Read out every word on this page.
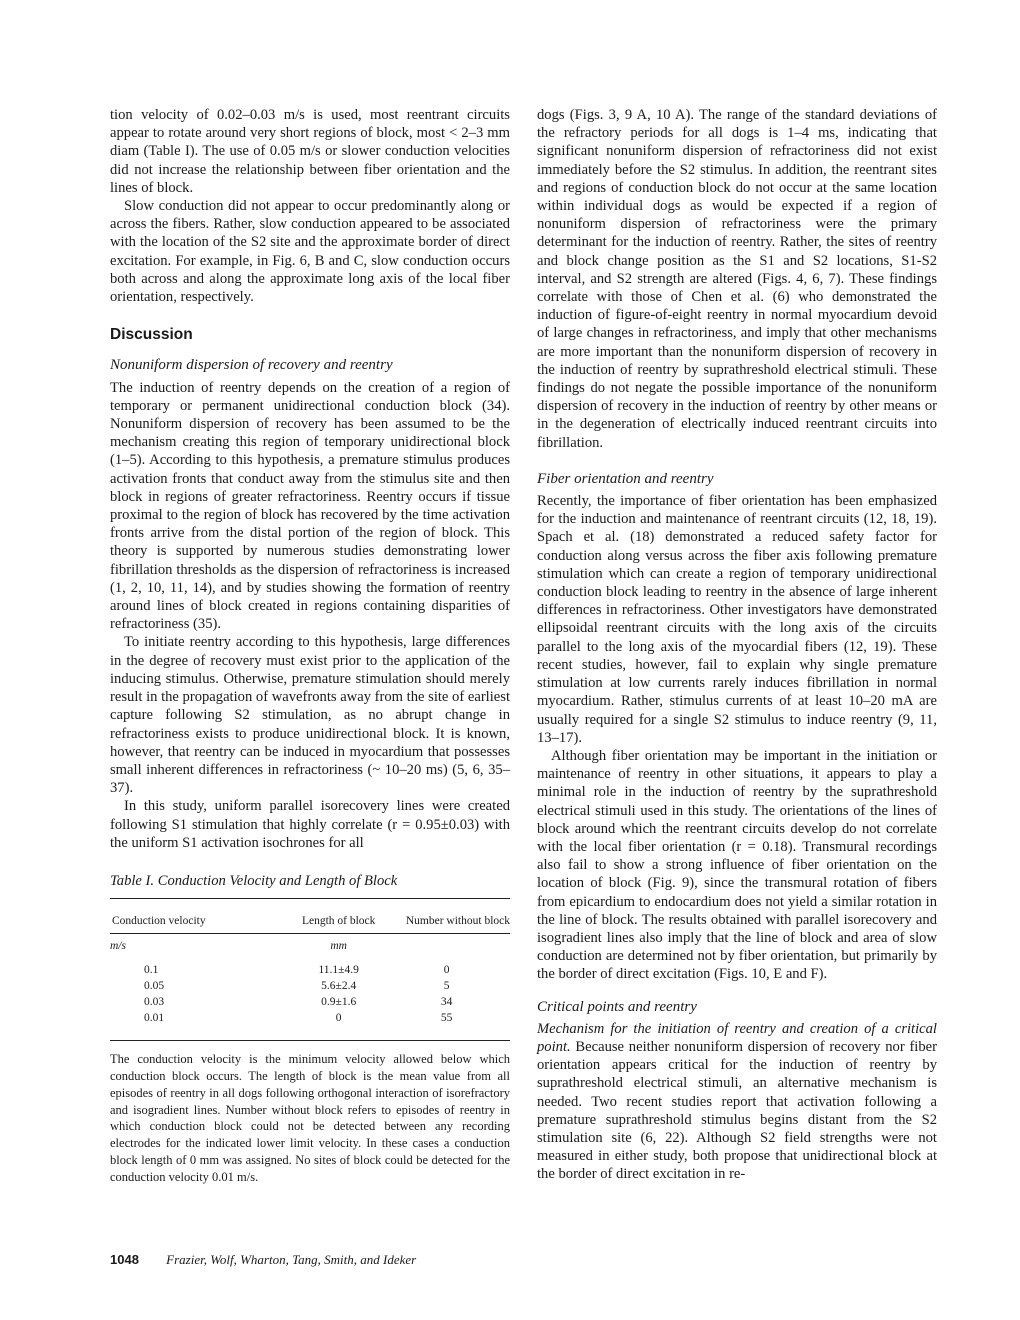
tion velocity of 0.02–0.03 m/s is used, most reentrant circuits appear to rotate around very short regions of block, most < 2–3 mm diam (Table I). The use of 0.05 m/s or slower conduction velocities did not increase the relationship between fiber orientation and the lines of block.

Slow conduction did not appear to occur predominantly along or across the fibers. Rather, slow conduction appeared to be associated with the location of the S2 site and the approximate border of direct excitation. For example, in Fig. 6, B and C, slow conduction occurs both across and along the approximate long axis of the local fiber orientation, respectively.

Discussion
Nonuniform dispersion of recovery and reentry

The induction of reentry depends on the creation of a region of temporary or permanent unidirectional conduction block (34). Nonuniform dispersion of recovery has been assumed to be the mechanism creating this region of temporary unidirectional block (1–5). According to this hypothesis, a premature stimulus produces activation fronts that conduct away from the stimulus site and then block in regions of greater refractoriness. Reentry occurs if tissue proximal to the region of block has recovered by the time activation fronts arrive from the distal portion of the region of block. This theory is supported by numerous studies demonstrating lower fibrillation thresholds as the dispersion of refractoriness is increased (1, 2, 10, 11, 14), and by studies showing the formation of reentry around lines of block created in regions containing disparities of refractoriness (35).

To initiate reentry according to this hypothesis, large differences in the degree of recovery must exist prior to the application of the inducing stimulus. Otherwise, premature stimulation should merely result in the propagation of wavefronts away from the site of earliest capture following S2 stimulation, as no abrupt change in refractoriness exists to produce unidirectional block. It is known, however, that reentry can be induced in myocardium that possesses small inherent differences in refractoriness (~ 10–20 ms) (5, 6, 35–37).

In this study, uniform parallel isorecovery lines were created following S1 stimulation that highly correlate (r = 0.95±0.03) with the uniform S1 activation isochrones for all

Table I. Conduction Velocity and Length of Block
Conduction velocity	Length of block	Number without block
m/s	mm	
0.1	11.1±4.9	0
0.05	5.6±2.4	5
0.03	0.9±1.6	34
0.01	0	55
The conduction velocity is the minimum velocity allowed below which conduction block occurs. The length of block is the mean value from all episodes of reentry in all dogs following orthogonal interaction of isorefractory and isogradient lines. Number without block refers to episodes of reentry in which conduction block could not be detected between any recording electrodes for the indicated lower limit velocity. In these cases a conduction block length of 0 mm was assigned. No sites of block could be detected for the conduction velocity 0.01 m/s.

dogs (Figs. 3, 9 A, 10 A). The range of the standard deviations of the refractory periods for all dogs is 1–4 ms, indicating that significant nonuniform dispersion of refractoriness did not exist immediately before the S2 stimulus. In addition, the reentrant sites and regions of conduction block do not occur at the same location within individual dogs as would be expected if a region of nonuniform dispersion of refractoriness were the primary determinant for the induction of reentry. Rather, the sites of reentry and block change position as the S1 and S2 locations, S1-S2 interval, and S2 strength are altered (Figs. 4, 6, 7). These findings correlate with those of Chen et al. (6) who demonstrated the induction of figure-of-eight reentry in normal myocardium devoid of large changes in refractoriness, and imply that other mechanisms are more important than the nonuniform dispersion of recovery in the induction of reentry by suprathreshold electrical stimuli. These findings do not negate the possible importance of the nonuniform dispersion of recovery in the induction of reentry by other means or in the degeneration of electrically induced reentrant circuits into fibrillation.

Fiber orientation and reentry

Recently, the importance of fiber orientation has been emphasized for the induction and maintenance of reentrant circuits (12, 18, 19). Spach et al. (18) demonstrated a reduced safety factor for conduction along versus across the fiber axis following premature stimulation which can create a region of temporary unidirectional conduction block leading to reentry in the absence of large inherent differences in refractoriness. Other investigators have demonstrated ellipsoidal reentrant circuits with the long axis of the circuits parallel to the long axis of the myocardial fibers (12, 19). These recent studies, however, fail to explain why single premature stimulation at low currents rarely induces fibrillation in normal myocardium. Rather, stimulus currents of at least 10–20 mA are usually required for a single S2 stimulus to induce reentry (9, 11, 13–17).

Although fiber orientation may be important in the initiation or maintenance of reentry in other situations, it appears to play a minimal role in the induction of reentry by the suprathreshold electrical stimuli used in this study. The orientations of the lines of block around which the reentrant circuits develop do not correlate with the local fiber orientation (r = 0.18). Transmural recordings also fail to show a strong influence of fiber orientation on the location of block (Fig. 9), since the transmural rotation of fibers from epicardium to endocardium does not yield a similar rotation in the line of block. The results obtained with parallel isorecovery and isogradient lines also imply that the line of block and area of slow conduction are determined not by fiber orientation, but primarily by the border of direct excitation (Figs. 10, E and F).

Critical points and reentry

Mechanism for the initiation of reentry and creation of a critical point. Because neither nonuniform dispersion of recovery nor fiber orientation appears critical for the induction of reentry by suprathreshold electrical stimuli, an alternative mechanism is needed. Two recent studies report that activation following a premature suprathreshold stimulus begins distant from the S2 stimulation site (6, 22). Although S2 field strengths were not measured in either study, both propose that unidirectional block at the border of direct excitation in re-

1048 Frazier, Wolf, Wharton, Tang, Smith, and Ideker
